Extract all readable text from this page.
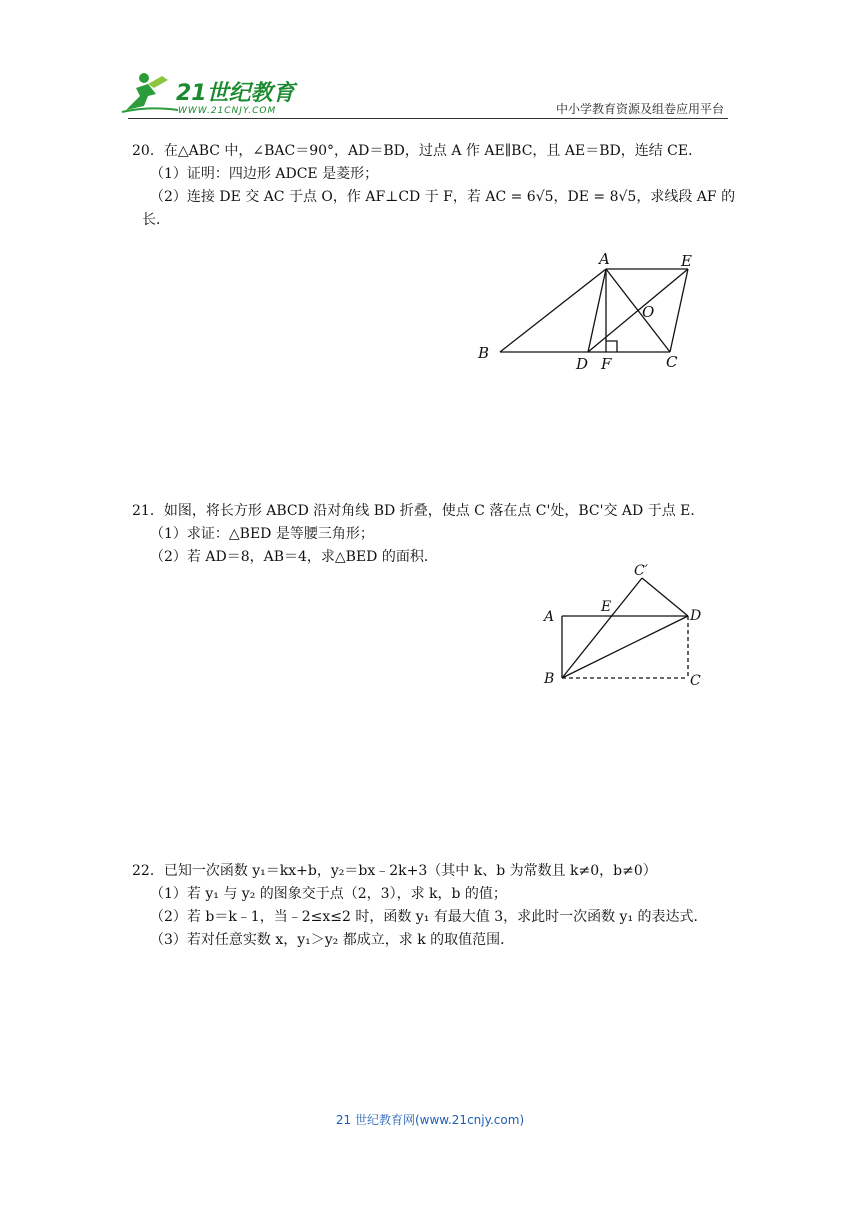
21世纪教育
WWW.21CNJY.COM	中小学教育资源及组卷应用平台
20．在△ABC 中，∠BAC＝90°，AD＝BD，过点 A 作 AE∥BC，且 AE＝BD，连结 CE．
（1）证明：四边形 ADCE 是菱形；
（2）连接 DE 交 AC 于点 O，作 AF⊥CD 于 F，若 AC = 6√5，DE = 8√5，求线段 AF 的
长．
A	E
O
B
D F	C
21．如图，将长方形 ABCD 沿对角线 BD 折叠，使点 C 落在点 C'处，BC'交 AD 于点 E．
（1）求证：△BED 是等腰三角形；
（2）若 AD＝8，AB＝4，求△BED 的面积．
C′
A
E
D
B	C
22．已知一次函数 y₁＝kx+b，y₂＝bx﹣2k+3（其中 k、b 为常数且 k≠0，b≠0）
（1）若 y₁ 与 y₂ 的图象交于点（2，3），求 k，b 的值；
（2）若 b＝k﹣1，当﹣2≤x≤2 时，函数 y₁ 有最大值 3，求此时一次函数 y₁ 的表达式．
（3）若对任意实数 x，y₁＞y₂ 都成立，求 k 的取值范围．
21 世纪教育网(www.21cnjy.com)
